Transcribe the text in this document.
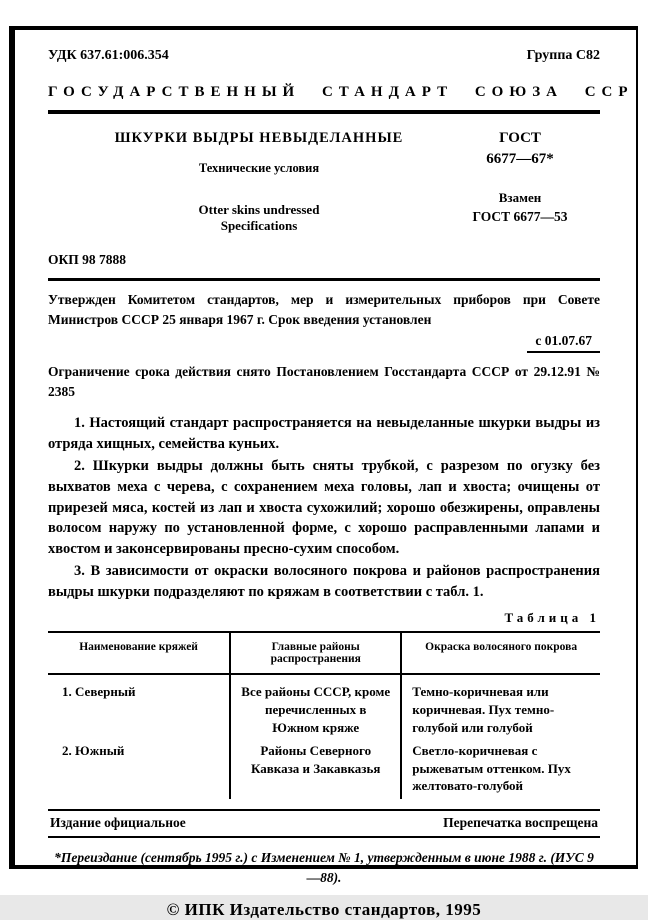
УДК 637.61:006.354	Группа С82
ГОСУДАРСТВЕННЫЙ СТАНДАРТ СОЮЗА ССР
ШКУРКИ ВЫДРЫ НЕВЫДЕЛАННЫЕ
Технические условия
Otter skins undressed
Specifications
ГОСТ
6677—67*
Взамен
ГОСТ 6677—53
ОКП 98 7888
Утвержден Комитетом стандартов, мер и измерительных приборов при Совете Министров СССР 25 января 1967 г. Срок введения установлен
с 01.07.67
Ограничение срока действия снято Постановлением Госстандарта СССР от 29.12.91 № 2385

1. Настоящий стандарт распространяется на невыделанные шкурки выдры из отряда хищных, семейства куньих.

2. Шкурки выдры должны быть сняты трубкой, с разрезом по огузку без выхватов меха с черева, с сохранением меха головы, лап и хвоста; очищены от прирезей мяса, костей из лап и хвоста сухожилий; хорошо обезжирены, оправлены волосом наружу по установленной форме, с хорошо расправленными лапами и хвостом и законсервированы пресно-сухим способом.

3. В зависимости от окраски волосяного покрова и районов распространения выдры шкурки подразделяют по кряжам в соответствии с табл. 1.

Таблица 1
Наименование кряжей	Главные районы распространения	Окраска волосяного покрова
1. Северный	Все районы СССР, кроме перечисленных в Южном кряже	Темно-коричневая или коричневая. Пух темно-голубой или голубой
2. Южный	Районы Северного Кавказа и Закавказья	Светло-коричневая с рыжеватым оттенком. Пух желтовато-голубой
Издание официальное	Перепечатка воспрещена
*Переиздание (сентябрь 1995 г.) с Изменением № 1, утвержденным в июне 1988 г. (ИУС 9—88).
© ИПК Издательство стандартов, 1995
